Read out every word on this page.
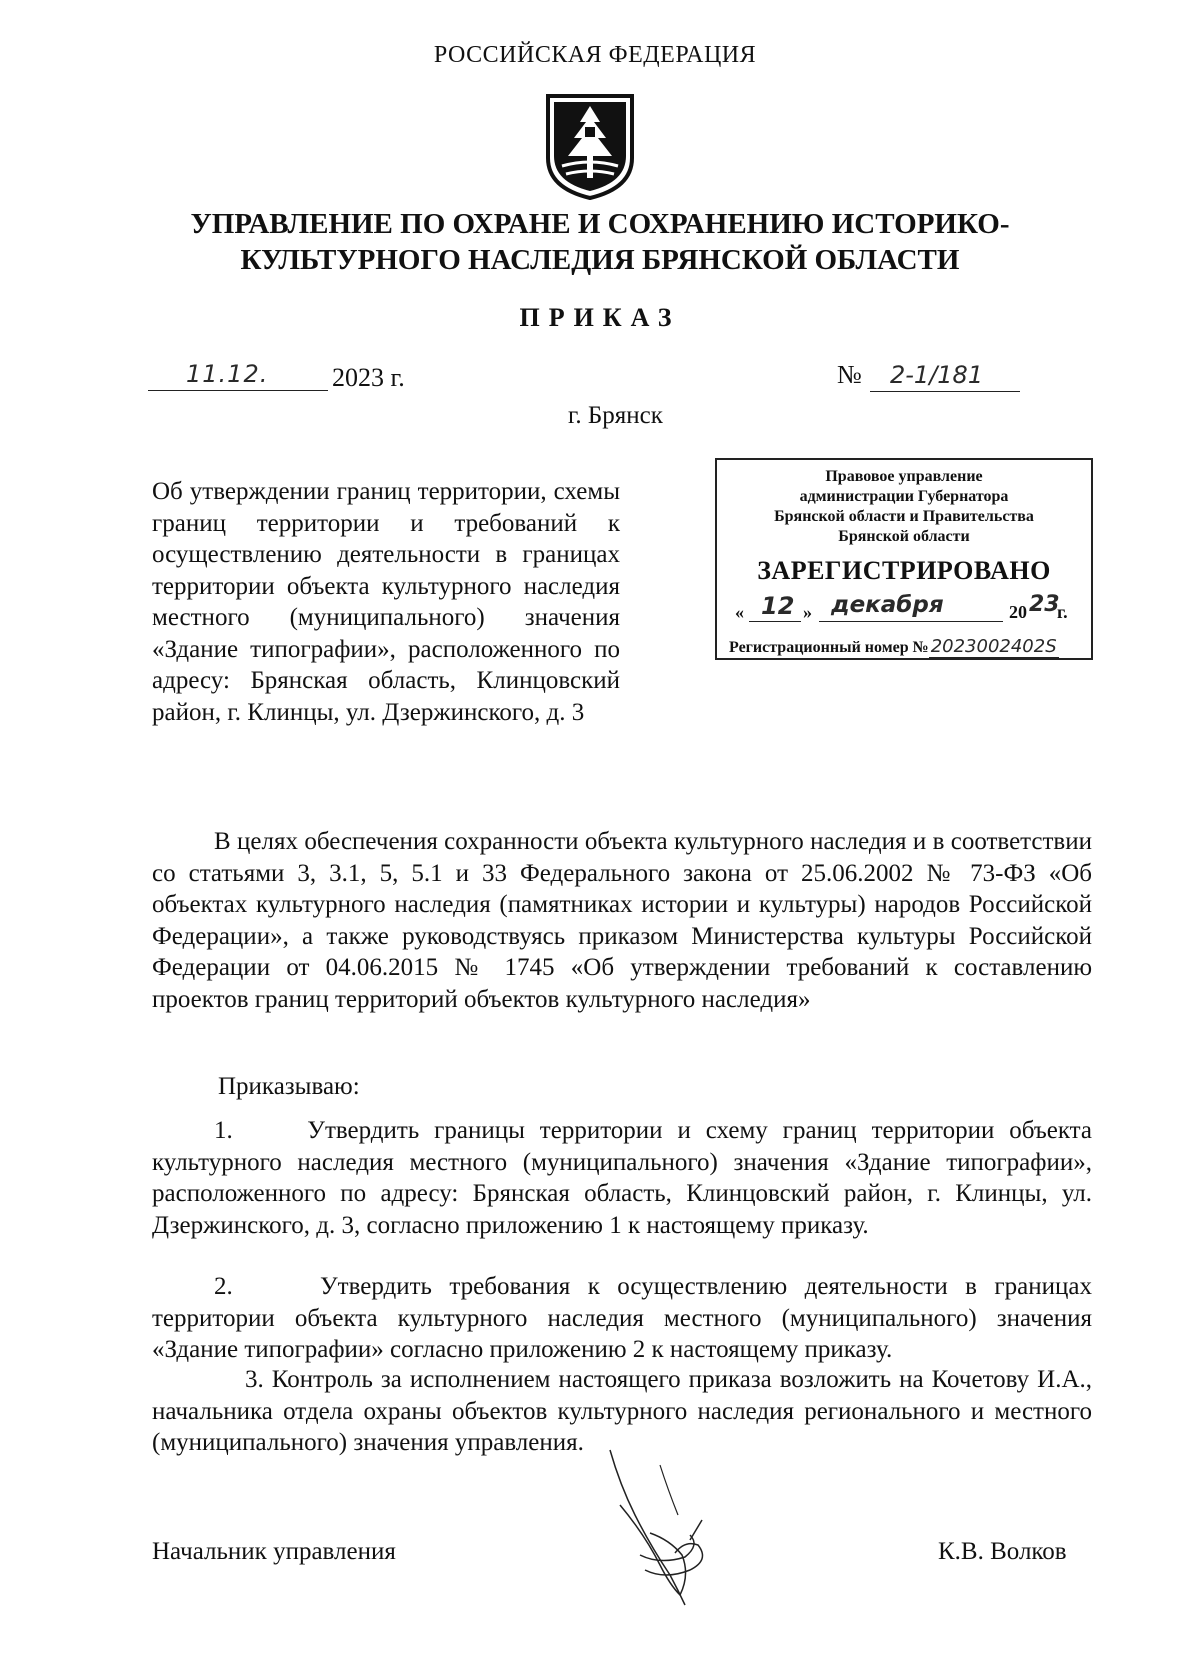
РОССИЙСКАЯ ФЕДЕРАЦИЯ
УПРАВЛЕНИЕ ПО ОХРАНЕ И СОХРАНЕНИЮ ИСТОРИКО-
КУЛЬТУРНОГО НАСЛЕДИЯ БРЯНСКОЙ ОБЛАСТИ
ПРИКАЗ
11.12. 2023 г.	№ 2-1/181
г. Брянск
Об утверждении границ территории, схемы границ территории и требований к осуществлению деятельности в границах территории объекта культурного наследия местного (муниципального) значения «Здание типографии», расположенного по адресу: Брянская область, Клинцовский район, г. Клинцы, ул. Дзержинского, д. 3
Правовое управление
администрации Губернатора
Брянской области и Правительства
Брянской области
ЗАРЕГИСТРИРОВАНО
« 12 » декабря	20 23
г.
Регистрационный номер № 2023002402S
В целях обеспечения сохранности объекта культурного наследия и в соответствии со статьями 3, 3.1, 5, 5.1 и 33 Федерального закона от 25.06.2002 № 73-ФЗ «Об объектах культурного наследия (памятниках истории и культуры) народов Российской Федерации», а также руководствуясь приказом Министерства культуры Российской Федерации от 04.06.2015 № 1745 «Об утверждении требований к составлению проектов границ территорий объектов культурного наследия»
Приказываю:
1.     Утвердить границы территории и схему границ территории объекта культурного наследия местного (муниципального) значения «Здание типографии», расположенного по адресу: Брянская область, Клинцовский район, г. Клинцы, ул. Дзержинского, д. 3, согласно приложению 1 к настоящему приказу.
2.     Утвердить требования к осуществлению деятельности в границах территории объекта культурного наследия местного (муниципального) значения «Здание типографии» согласно приложению 2 к настоящему приказу.
3. Контроль за исполнением настоящего приказа возложить на Кочетову И.А., начальника отдела охраны объектов культурного наследия регионального и местного (муниципального) значения управления.
Начальник управления	К.В. Волков
